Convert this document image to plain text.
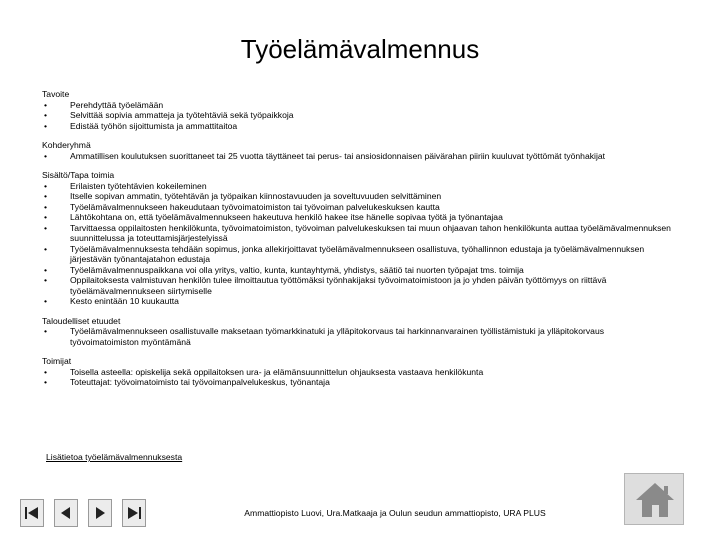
Työelämävalmennus
Tavoite
• Perehdyttää työelämään
• Selvittää sopivia ammatteja ja työtehtäviä sekä työpaikkoja
• Edistää työhön sijoittumista ja ammattitaitoa
Kohderyhmä
• Ammatillisen koulutuksen suorittaneet tai 25 vuotta täyttäneet tai perus- tai ansiosidonnaisen päivärahan piiriin kuuluvat työttömät työnhakijat
Sisältö/Tapa toimia
• Erilaisten työtehtävien kokeileminen
• Itselle sopivan ammatin, työtehtävän ja työpaikan kiinnostavuuden ja soveltuvuuden selvittäminen
• Työelämävalmennukseen hakeudutaan työvoimatoimiston tai työvoiman palvelukeskuksen kautta
• Lähtökohtana on, että työelämävalmennukseen hakeutuva henkilö hakee itse hänelle sopivaa työtä ja työnantajaa
• Tarvittaessa oppilaitosten henkilökunta, työvoimatoimiston, työvoiman palvelukeskuksen tai muun ohjaavan tahon henkilökunta auttaa työelämävalmennuksen suunnittelussa ja toteuttamisjärjestelyissä
• Työelämävalmennuksesta tehdään sopimus, jonka allekirjoittavat työelämävalmennukseen osallistuva, työhallinnon edustaja ja työelämävalmennuksen järjestävän työnantajatahon edustaja
• Työelämävalmennuspaikkana voi olla yritys, valtio, kunta, kuntayhtymä, yhdistys, säätiö tai nuorten työpajat tms. toimija
• Oppilaitoksesta valmistuvan henkilön tulee ilmoittautua työttömäksi työnhakijaksi työvoimatoimistoon ja jo yhden päivän työttömyys on riittävä työelämävalmennukseen siirtymiselle
• Kesto enintään 10 kuukautta
Taloudelliset etuudet
• Työelämävalmennukseen osallistuvalle maksetaan työmarkkinatuki ja ylläpitokorvaus tai harkinnanvarainen työllistämistuki ja ylläpitokorvaus työvoimatoimiston myöntämänä
Toimijat
• Toisella asteella: opiskelija sekä oppilaitoksen ura- ja elämänsuunnittelun ohjauksesta vastaava henkilökunta
• Toteuttajat: työvoimatoimisto tai työvoimanpalvelukeskus, työnantaja
Lisätietoa työelämävalmennuksesta
Ammattiopisto Luovi, Ura.Matkaaja ja Oulun seudun ammattiopisto, URA PLUS
